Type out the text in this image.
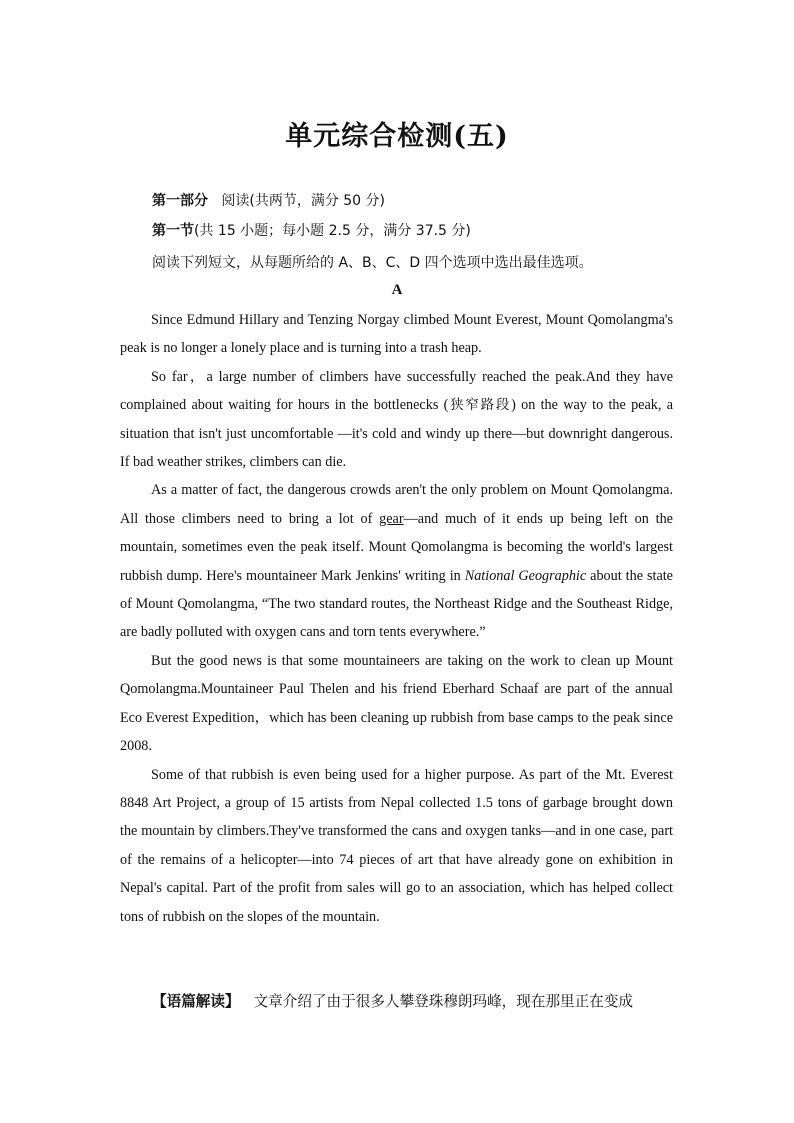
单元综合检测(五)
第一部分 阅读(共两节，满分 50 分)
第一节(共 15 小题；每小题 2.5 分，满分 37.5 分)
阅读下列短文，从每题所给的 A、B、C、D 四个选项中选出最佳选项。
A

Since Edmund Hillary and Tenzing Norgay climbed Mount Everest, Mount Qomolangma's peak is no longer a lonely place and is turning into a trash heap.

So far，a large number of climbers have successfully reached the peak.And they have complained about waiting for hours in the bottlenecks (狭窄路段) on the way to the peak, a situation that isn't just uncomfortable —it's cold and windy up there—but downright dangerous. If bad weather strikes, climbers can die.

As a matter of fact, the dangerous crowds aren't the only problem on Mount Qomolangma. All those climbers need to bring a lot of gear—and much of it ends up being left on the mountain, sometimes even the peak itself. Mount Qomolangma is becoming the world's largest rubbish dump. Here's mountaineer Mark Jenkins' writing in National Geographic about the state of Mount Qomolangma, “The two standard routes, the Northeast Ridge and the Southeast Ridge, are badly polluted with oxygen cans and torn tents everywhere.”

But the good news is that some mountaineers are taking on the work to clean up Mount Qomolangma.Mountaineer Paul Thelen and his friend Eberhard Schaaf are part of the annual Eco Everest Expedition，which has been cleaning up rubbish from base camps to the peak since 2008.

Some of that rubbish is even being used for a higher purpose. As part of the Mt. Everest 8848 Art Project, a group of 15 artists from Nepal collected 1.5 tons of garbage brought down the mountain by climbers.They've transformed the cans and oxygen tanks—and in one case, part of the remains of a helicopter—into 74 pieces of art that have already gone on exhibition in Nepal's capital. Part of the profit from sales will go to an association, which has helped collect tons of rubbish on the slopes of the mountain.

【语篇解读】 文章介绍了由于很多人攀登珠穆朗玛峰，现在那里正在变成
